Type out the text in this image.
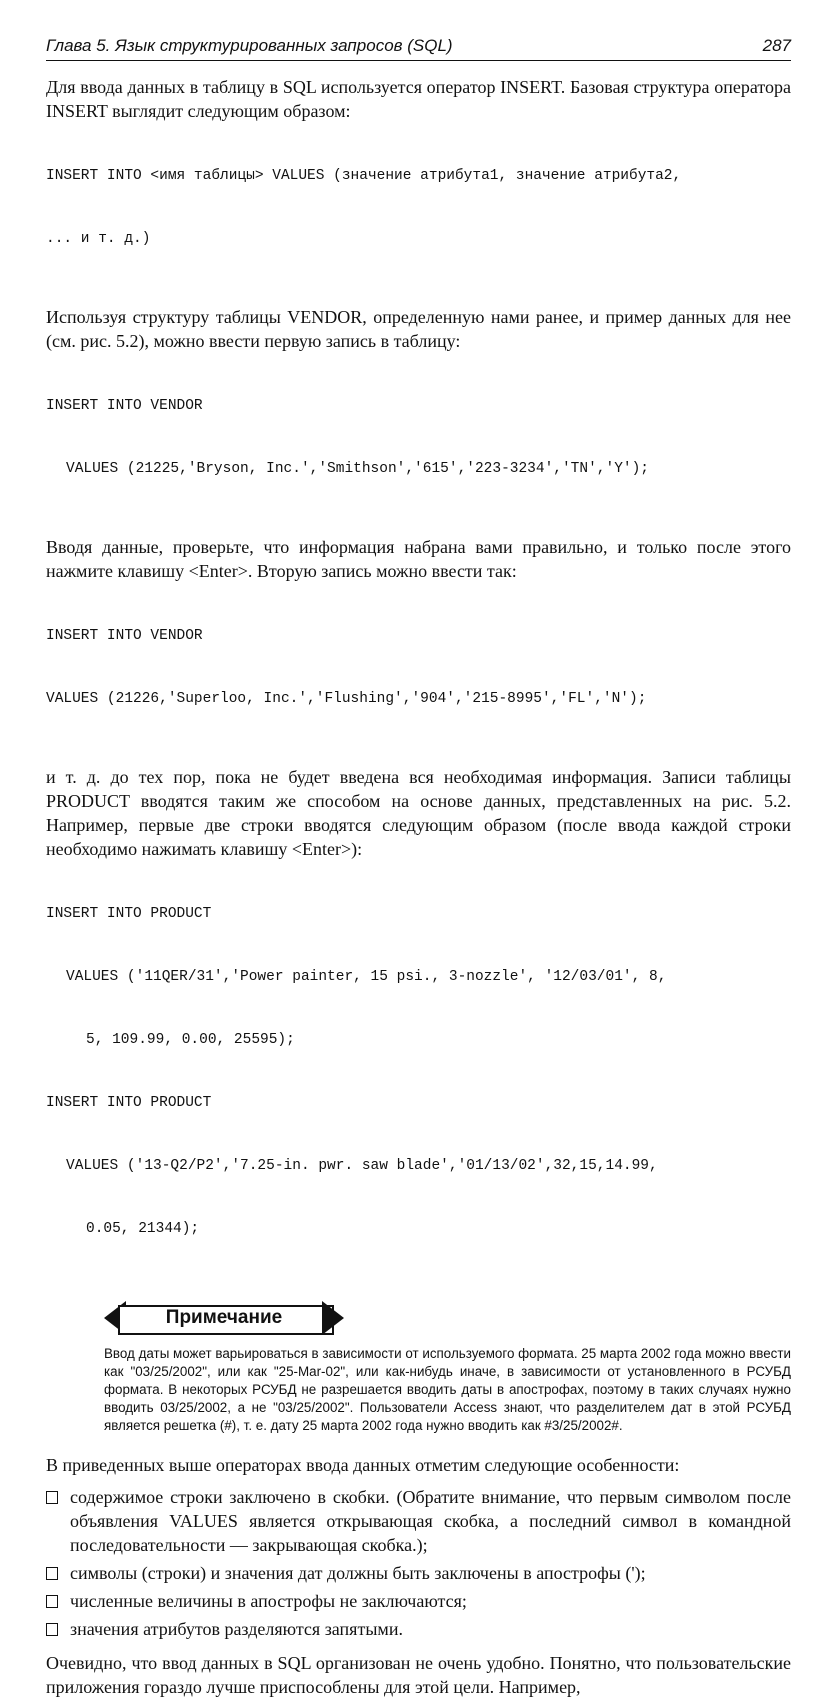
Глава 5. Язык структурированных запросов (SQL)	287

Для ввода данных в таблицу в SQL используется оператор INSERT. Базовая структура оператора INSERT выглядит следующим образом:

INSERT INTO <имя таблицы> VALUES (значение атрибута1, значение атрибута2,

... и т. д.)

Используя структуру таблицы VENDOR, определенную нами ранее, и пример данных для нее (см. рис. 5.2), можно ввести первую запись в таблицу:

INSERT INTO VENDOR

VALUES (21225,'Bryson, Inc.','Smithson','615','223-3234','TN','Y');

Вводя данные, проверьте, что информация набрана вами правильно, и только после этого нажмите клавишу <Enter>. Вторую запись можно ввести так:

INSERT INTO VENDOR

VALUES (21226,'Superloo, Inc.','Flushing','904','215-8995','FL','N');

и т. д. до тех пор, пока не будет введена вся необходимая информация. Записи таблицы PRODUCT вводятся таким же способом на основе данных, представленных на рис. 5.2. Например, первые две строки вводятся следующим образом (после ввода каждой строки необходимо нажимать клавишу <Enter>):

INSERT INTO PRODUCT

VALUES ('11QER/31','Power painter, 15 psi., 3-nozzle', '12/03/01', 8,

5, 109.99, 0.00, 25595);

INSERT INTO PRODUCT

VALUES ('13-Q2/P2','7.25-in. pwr. saw blade','01/13/02',32,15,14.99,

0.05, 21344);

Примечание

Ввод даты может варьироваться в зависимости от используемого формата. 25 марта 2002 года можно ввести как "03/25/2002", или как "25-Mar-02", или как-нибудь иначе, в зависимости от установленного в РСУБД формата. В некоторых РСУБД не разрешается вводить даты в апострофах, поэтому в таких случаях нужно вводить 03/25/2002, а не "03/25/2002". Пользователи Access знают, что разделителем дат в этой РСУБД является решетка (#), т. е. дату 25 марта 2002 года нужно вводить как #3/25/2002#.

В приведенных выше операторах ввода данных отметим следующие особенности:

содержимое строки заключено в скобки. (Обратите внимание, что первым символом после объявления VALUES является открывающая скобка, а последний символ в командной последовательности — закрывающая скобка.);
символы (строки) и значения дат должны быть заключены в апострофы (');
численные величины в апострофы не заключаются;
значения атрибутов разделяются запятыми.

Очевидно, что ввод данных в SQL организован не очень удобно. Понятно, что пользовательские приложения гораздо лучше приспособлены для этой цели. Например,
